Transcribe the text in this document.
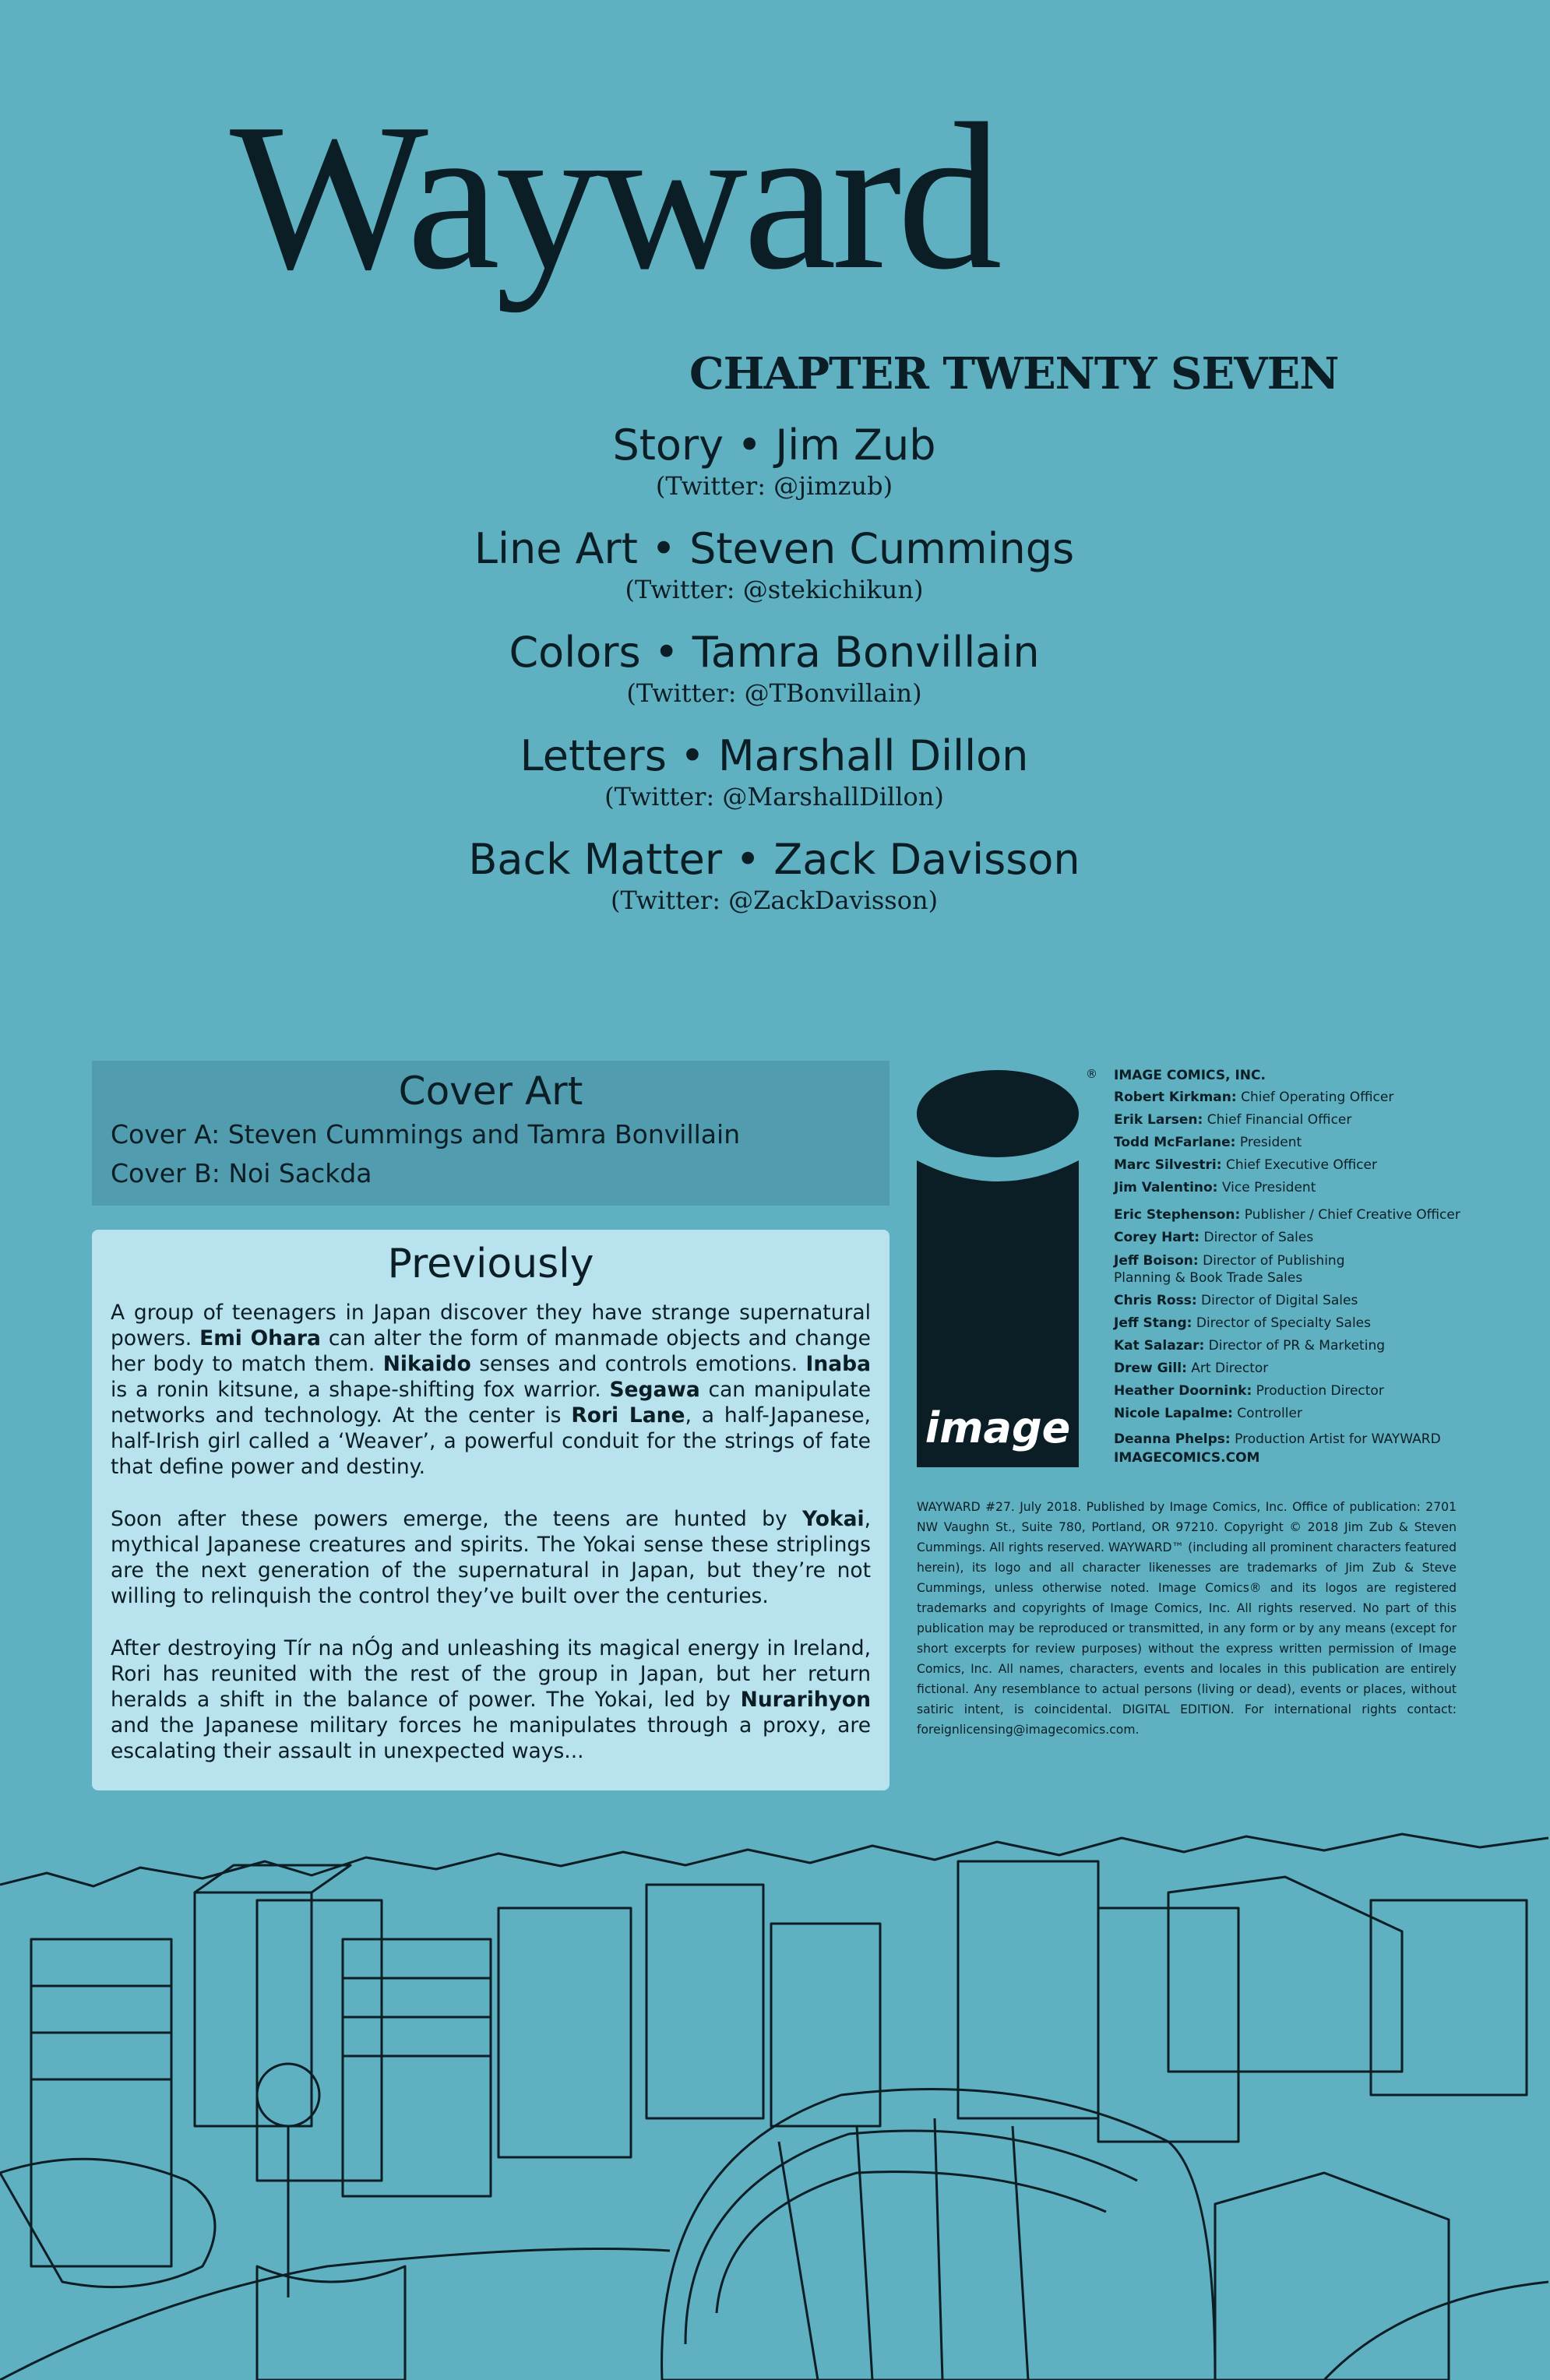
Wayward
CHAPTER TWENTY SEVEN
Story • Jim Zub
(Twitter: @jimzub)
Line Art • Steven Cummings
(Twitter: @stekichikun)
Colors • Tamra Bonvillain
(Twitter: @TBonvillain)
Letters • Marshall Dillon
(Twitter: @MarshallDillon)
Back Matter • Zack Davisson
(Twitter: @ZackDavisson)
Cover Art
Cover A: Steven Cummings and Tamra Bonvillain
Cover B: Noi Sackda
Previously

A group of teenagers in Japan discover they have strange supernatural powers. Emi Ohara can alter the form of manmade objects and change her body to match them. Nikaido senses and controls emotions. Inaba is a ronin kitsune, a shape-shifting fox warrior. Segawa can manipulate networks and technology. At the center is Rori Lane, a half-Japanese, half-Irish girl called a ‘Weaver’, a powerful conduit for the strings of fate that define power and destiny.

Soon after these powers emerge, the teens are hunted by Yokai, mythical Japanese creatures and spirits. The Yokai sense these striplings are the next generation of the supernatural in Japan, but they’re not willing to relinquish the control they’ve built over the centuries.

After destroying Tír na nÓg and unleashing its magical energy in Ireland, Rori has reunited with the rest of the group in Japan, but her return heralds a shift in the balance of power. The Yokai, led by Nurarihyon and the Japanese military forces he manipulates through a proxy, are escalating their assault in unexpected ways...

®
image
IMAGE COMICS, INC.
Robert Kirkman: Chief Operating Officer
Erik Larsen: Chief Financial Officer
Todd McFarlane: President
Marc Silvestri: Chief Executive Officer
Jim Valentino: Vice President
Eric Stephenson: Publisher / Chief Creative Officer
Corey Hart: Director of Sales
Jeff Boison: Director of Publishing Planning & Book Trade Sales
Chris Ross: Director of Digital Sales
Jeff Stang: Director of Specialty Sales
Kat Salazar: Director of PR & Marketing
Drew Gill: Art Director
Heather Doornink: Production Director
Nicole Lapalme: Controller
Deanna Phelps: Production Artist for WAYWARD
IMAGECOMICS.COM
WAYWARD #27. July 2018. Published by Image Comics, Inc. Office of publication: 2701 NW Vaughn St., Suite 780, Portland, OR 97210. Copyright © 2018 Jim Zub & Steven Cummings. All rights reserved. WAYWARD™ (including all prominent characters featured herein), its logo and all character likenesses are trademarks of Jim Zub & Steve Cummings, unless otherwise noted. Image Comics® and its logos are registered trademarks and copyrights of Image Comics, Inc. All rights reserved. No part of this publication may be reproduced or transmitted, in any form or by any means (except for short excerpts for review purposes) without the express written permission of Image Comics, Inc. All names, characters, events and locales in this publication are entirely fictional. Any resemblance to actual persons (living or dead), events or places, without satiric intent, is coincidental. DIGITAL EDITION. For international rights contact: foreignlicensing@imagecomics.com.
